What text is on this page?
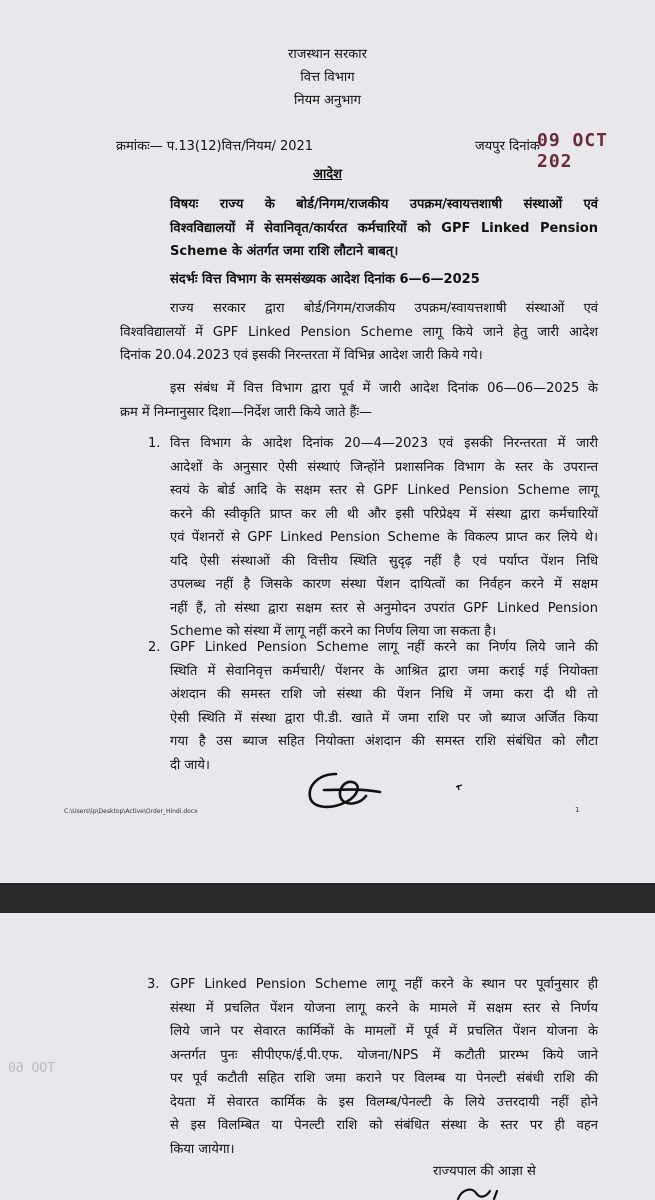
राजस्थान सरकार
वित्त विभाग
नियम अनुभाग
क्रमांकः— प.13(12)वित्त/नियम/ 2021	जयपुर दिनांक
09 OCT 202
आदेश
विषयः राज्य के बोर्ड/निगम/राजकीय उपक्रम/स्वायत्तशाषी संस्थाओं एवं
विश्वविद्यालयों में सेवानिवृत/कार्यरत कर्मचारियों को GPF Linked Pension
Scheme के अंतर्गत जमा राशि लौटाने बाबत्।
संदर्भः वित्त विभाग के समसंख्यक आदेश दिनांक 6—6—2025
राज्य सरकार द्वारा बोर्ड/निगम/राजकीय उपक्रम/स्वायत्तशाषी संस्थाओं एवं
विश्वविद्यालयों में GPF Linked Pension Scheme लागू किये जाने हेतु जारी आदेश
दिनांक 20.04.2023 एवं इसकी निरन्तरता में विभिन्न आदेश जारी किये गये।
इस संबंध में वित्त विभाग द्वारा पूर्व में जारी आदेश दिनांक 06—06—2025 के
क्रम में निम्नानुसार दिशा—निर्देश जारी किये जाते हैंः—
1. वित्त विभाग के आदेश दिनांक 20—4—2023 एवं इसकी निरन्तरता में जारी
आदेशों के अनुसार ऐसी संस्थाएं जिन्होंने प्रशासनिक विभाग के स्तर के उपरान्त
स्वयं के बोर्ड आदि के सक्षम स्तर से GPF Linked Pension Scheme लागू
करने की स्वीकृति प्राप्त कर ली थी और इसी परिप्रेक्ष्य में संस्था द्वारा कर्मचारियों
एवं पेंशनरों से GPF Linked Pension Scheme के विकल्प प्राप्त कर लिये थे।
यदि ऐसी संस्थाओं की वित्तीय स्थिति सुदृढ़ नहीं है एवं पर्याप्त पेंशन निधि
उपलब्ध नहीं है जिसके कारण संस्था पेंशन दायित्वों का निर्वहन करने में सक्षम
नहीं हैं, तो संस्था द्वारा सक्षम स्तर से अनुमोदन उपरांत GPF Linked Pension
Scheme को संस्था में लागू नहीं करने का निर्णय लिया जा सकता है।
2. GPF Linked Pension Scheme लागू नहीं करने का निर्णय लिये जाने की
स्थिति में सेवानिवृत्त कर्मचारी/ पेंशनर के आश्रित द्वारा जमा कराई गई नियोक्ता
अंशदान की समस्त राशि जो संस्था की पेंशन निधि में जमा करा दी थी तो
ऐसी स्थिति में संस्था द्वारा पी.डी. खाते में जमा राशि पर जो ब्याज अर्जित किया
गया है उस ब्याज सहित नियोक्ता अंशदान की समस्त राशि संबंधित को लौटा
दी जाये।
C:\Users\lp\Desktop\Active\Order_Hindi.docx	1
TOO 60
3. GPF Linked Pension Scheme लागू नहीं करने के स्थान पर पूर्वानुसार ही
संस्था में प्रचलित पेंशन योजना लागू करने के मामले में सक्षम स्तर से निर्णय
लिये जाने पर सेवारत कार्मिकों के मामलों में पूर्व में प्रचलित पेंशन योजना के
अन्तर्गत पुनः सीपीएफ/ई.पी.एफ. योजना/NPS में कटौती प्रारम्भ किये जाने
पर पूर्व कटौती सहित राशि जमा कराने पर विलम्ब या पेनल्टी संबंधी राशि की
देयता में सेवारत कार्मिक के इस विलम्ब/पेनल्टी के लिये उत्तरदायी नहीं होने
से इस विलम्बित या पेनल्टी राशि को संबंधित संस्था के स्तर पर ही वहन
किया जायेगा।
राज्यपाल की आज्ञा से
